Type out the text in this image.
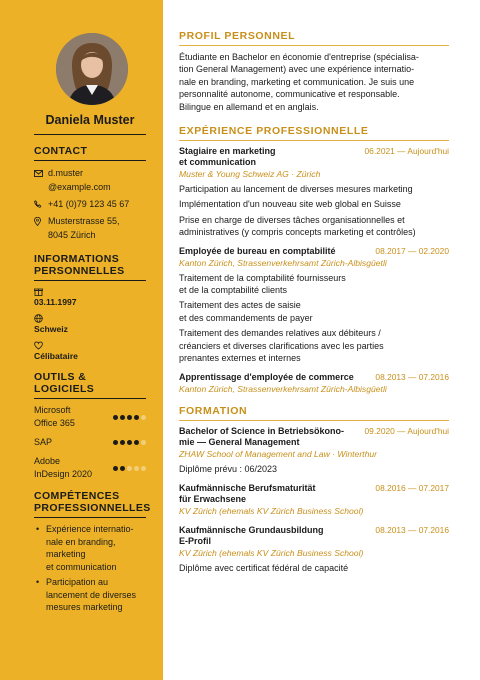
Daniela Muster
CONTACT
d.muster
@example.com
+41 (0)79 123 45 67
Musterstrasse 55,
8045 Zürich
INFORMATIONS
PERSONNELLES
03.11.1997
Schweiz
Célibataire
OUTILS &
LOGICIELS
Microsoft
Office 365
SAP
Adobe
InDesign 2020
COMPÉTENCES
PROFESSIONNELLES
• Expérience internatio-
nale en branding,
marketing
et communication
• Participation au
lancement de diverses
mesures marketing
PROFIL PERSONNEL
Étudiante en Bachelor en économie d'entreprise (spécialisa-
tion General Management) avec une expérience internatio-
nale en branding, marketing et communication. Je suis une
personnalité autonome, communicative et responsable.
Bilingue en allemand et en anglais.
EXPÉRIENCE PROFESSIONNELLE
Stagiaire en marketing
et communication
06.2021 — Aujourd'hui
Muster & Young Schweiz AG · Zürich
Participation au lancement de diverses mesures marketing
Implémentation d'un nouveau site web global en Suisse
Prise en charge de diverses tâches organisationnelles et
administratives (y compris concepts marketing et contrôles)
Employée de bureau en comptabilité	08.2017 — 02.2020
Kanton Zürich, Strassenverkehrsamt Zürich-Albisgüetli
Traitement de la comptabilité fournisseurs
et de la comptabilité clients
Traitement des actes de saisie
et des commandements de payer
Traitement des demandes relatives aux débiteurs /
créanciers et diverses clarifications avec les parties
prenantes externes et internes
Apprentissage d'employée de commerce	08.2013 — 07.2016
Kanton Zürich, Strassenverkehrsamt Zürich-Albisgüetli
FORMATION
Bachelor of Science in Betriebsökono-
mie — General Management
09.2020 — Aujourd'hui
ZHAW School of Management and Law · Winterthur
Diplôme prévu : 06/2023
Kaufmännische Berufsmaturität
für Erwachsene
08.2016 — 07.2017
KV Zürich (ehemals KV Zürich Business School)
Kaufmännische Grundausbildung
E-Profil
08.2013 — 07.2016
KV Zürich (ehemals KV Zürich Business School)
Diplôme avec certificat fédéral de capacité
